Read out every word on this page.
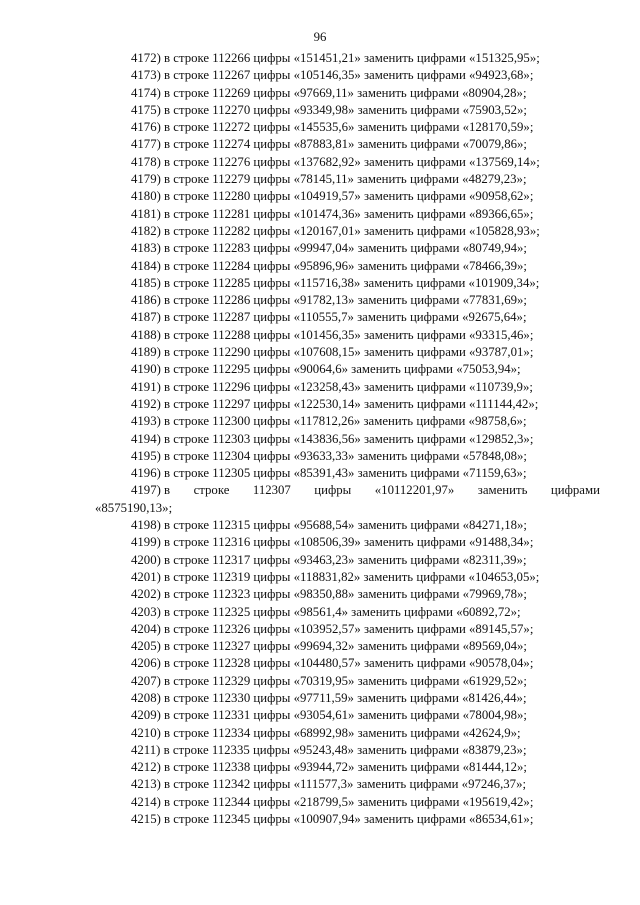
96
4172) в строке 112266 цифры «151451,21» заменить цифрами «151325,95»;
4173) в строке 112267 цифры «105146,35» заменить цифрами «94923,68»;
4174) в строке 112269 цифры «97669,11» заменить цифрами «80904,28»;
4175) в строке 112270 цифры «93349,98» заменить цифрами «75903,52»;
4176) в строке 112272 цифры «145535,6» заменить цифрами «128170,59»;
4177) в строке 112274 цифры «87883,81» заменить цифрами «70079,86»;
4178) в строке 112276 цифры «137682,92» заменить цифрами «137569,14»;
4179) в строке 112279 цифры «78145,11» заменить цифрами «48279,23»;
4180) в строке 112280 цифры «104919,57» заменить цифрами «90958,62»;
4181) в строке 112281 цифры «101474,36» заменить цифрами «89366,65»;
4182) в строке 112282 цифры «120167,01» заменить цифрами «105828,93»;
4183) в строке 112283 цифры «99947,04» заменить цифрами «80749,94»;
4184) в строке 112284 цифры «95896,96» заменить цифрами «78466,39»;
4185) в строке 112285 цифры «115716,38» заменить цифрами «101909,34»;
4186) в строке 112286 цифры «91782,13» заменить цифрами «77831,69»;
4187) в строке 112287 цифры «110555,7» заменить цифрами «92675,64»;
4188) в строке 112288 цифры «101456,35» заменить цифрами «93315,46»;
4189) в строке 112290 цифры «107608,15» заменить цифрами «93787,01»;
4190) в строке 112295 цифры «90064,6» заменить цифрами «75053,94»;
4191) в строке 112296 цифры «123258,43» заменить цифрами «110739,9»;
4192) в строке 112297 цифры «122530,14» заменить цифрами «111144,42»;
4193) в строке 112300 цифры «117812,26» заменить цифрами «98758,6»;
4194) в строке 112303 цифры «143836,56» заменить цифрами «129852,3»;
4195) в строке 112304 цифры «93633,33» заменить цифрами «57848,08»;
4196) в строке 112305 цифры «85391,43» заменить цифрами «71159,63»;
4197) в строке 112307 цифры «10112201,97» заменить цифрами
«8575190,13»;
4198) в строке 112315 цифры «95688,54» заменить цифрами «84271,18»;
4199) в строке 112316 цифры «108506,39» заменить цифрами «91488,34»;
4200) в строке 112317 цифры «93463,23» заменить цифрами «82311,39»;
4201) в строке 112319 цифры «118831,82» заменить цифрами «104653,05»;
4202) в строке 112323 цифры «98350,88» заменить цифрами «79969,78»;
4203) в строке 112325 цифры «98561,4» заменить цифрами «60892,72»;
4204) в строке 112326 цифры «103952,57» заменить цифрами «89145,57»;
4205) в строке 112327 цифры «99694,32» заменить цифрами «89569,04»;
4206) в строке 112328 цифры «104480,57» заменить цифрами «90578,04»;
4207) в строке 112329 цифры «70319,95» заменить цифрами «61929,52»;
4208) в строке 112330 цифры «97711,59» заменить цифрами «81426,44»;
4209) в строке 112331 цифры «93054,61» заменить цифрами «78004,98»;
4210) в строке 112334 цифры «68992,98» заменить цифрами «42624,9»;
4211) в строке 112335 цифры «95243,48» заменить цифрами «83879,23»;
4212) в строке 112338 цифры «93944,72» заменить цифрами «81444,12»;
4213) в строке 112342 цифры «111577,3» заменить цифрами «97246,37»;
4214) в строке 112344 цифры «218799,5» заменить цифрами «195619,42»;
4215) в строке 112345 цифры «100907,94» заменить цифрами «86534,61»;
